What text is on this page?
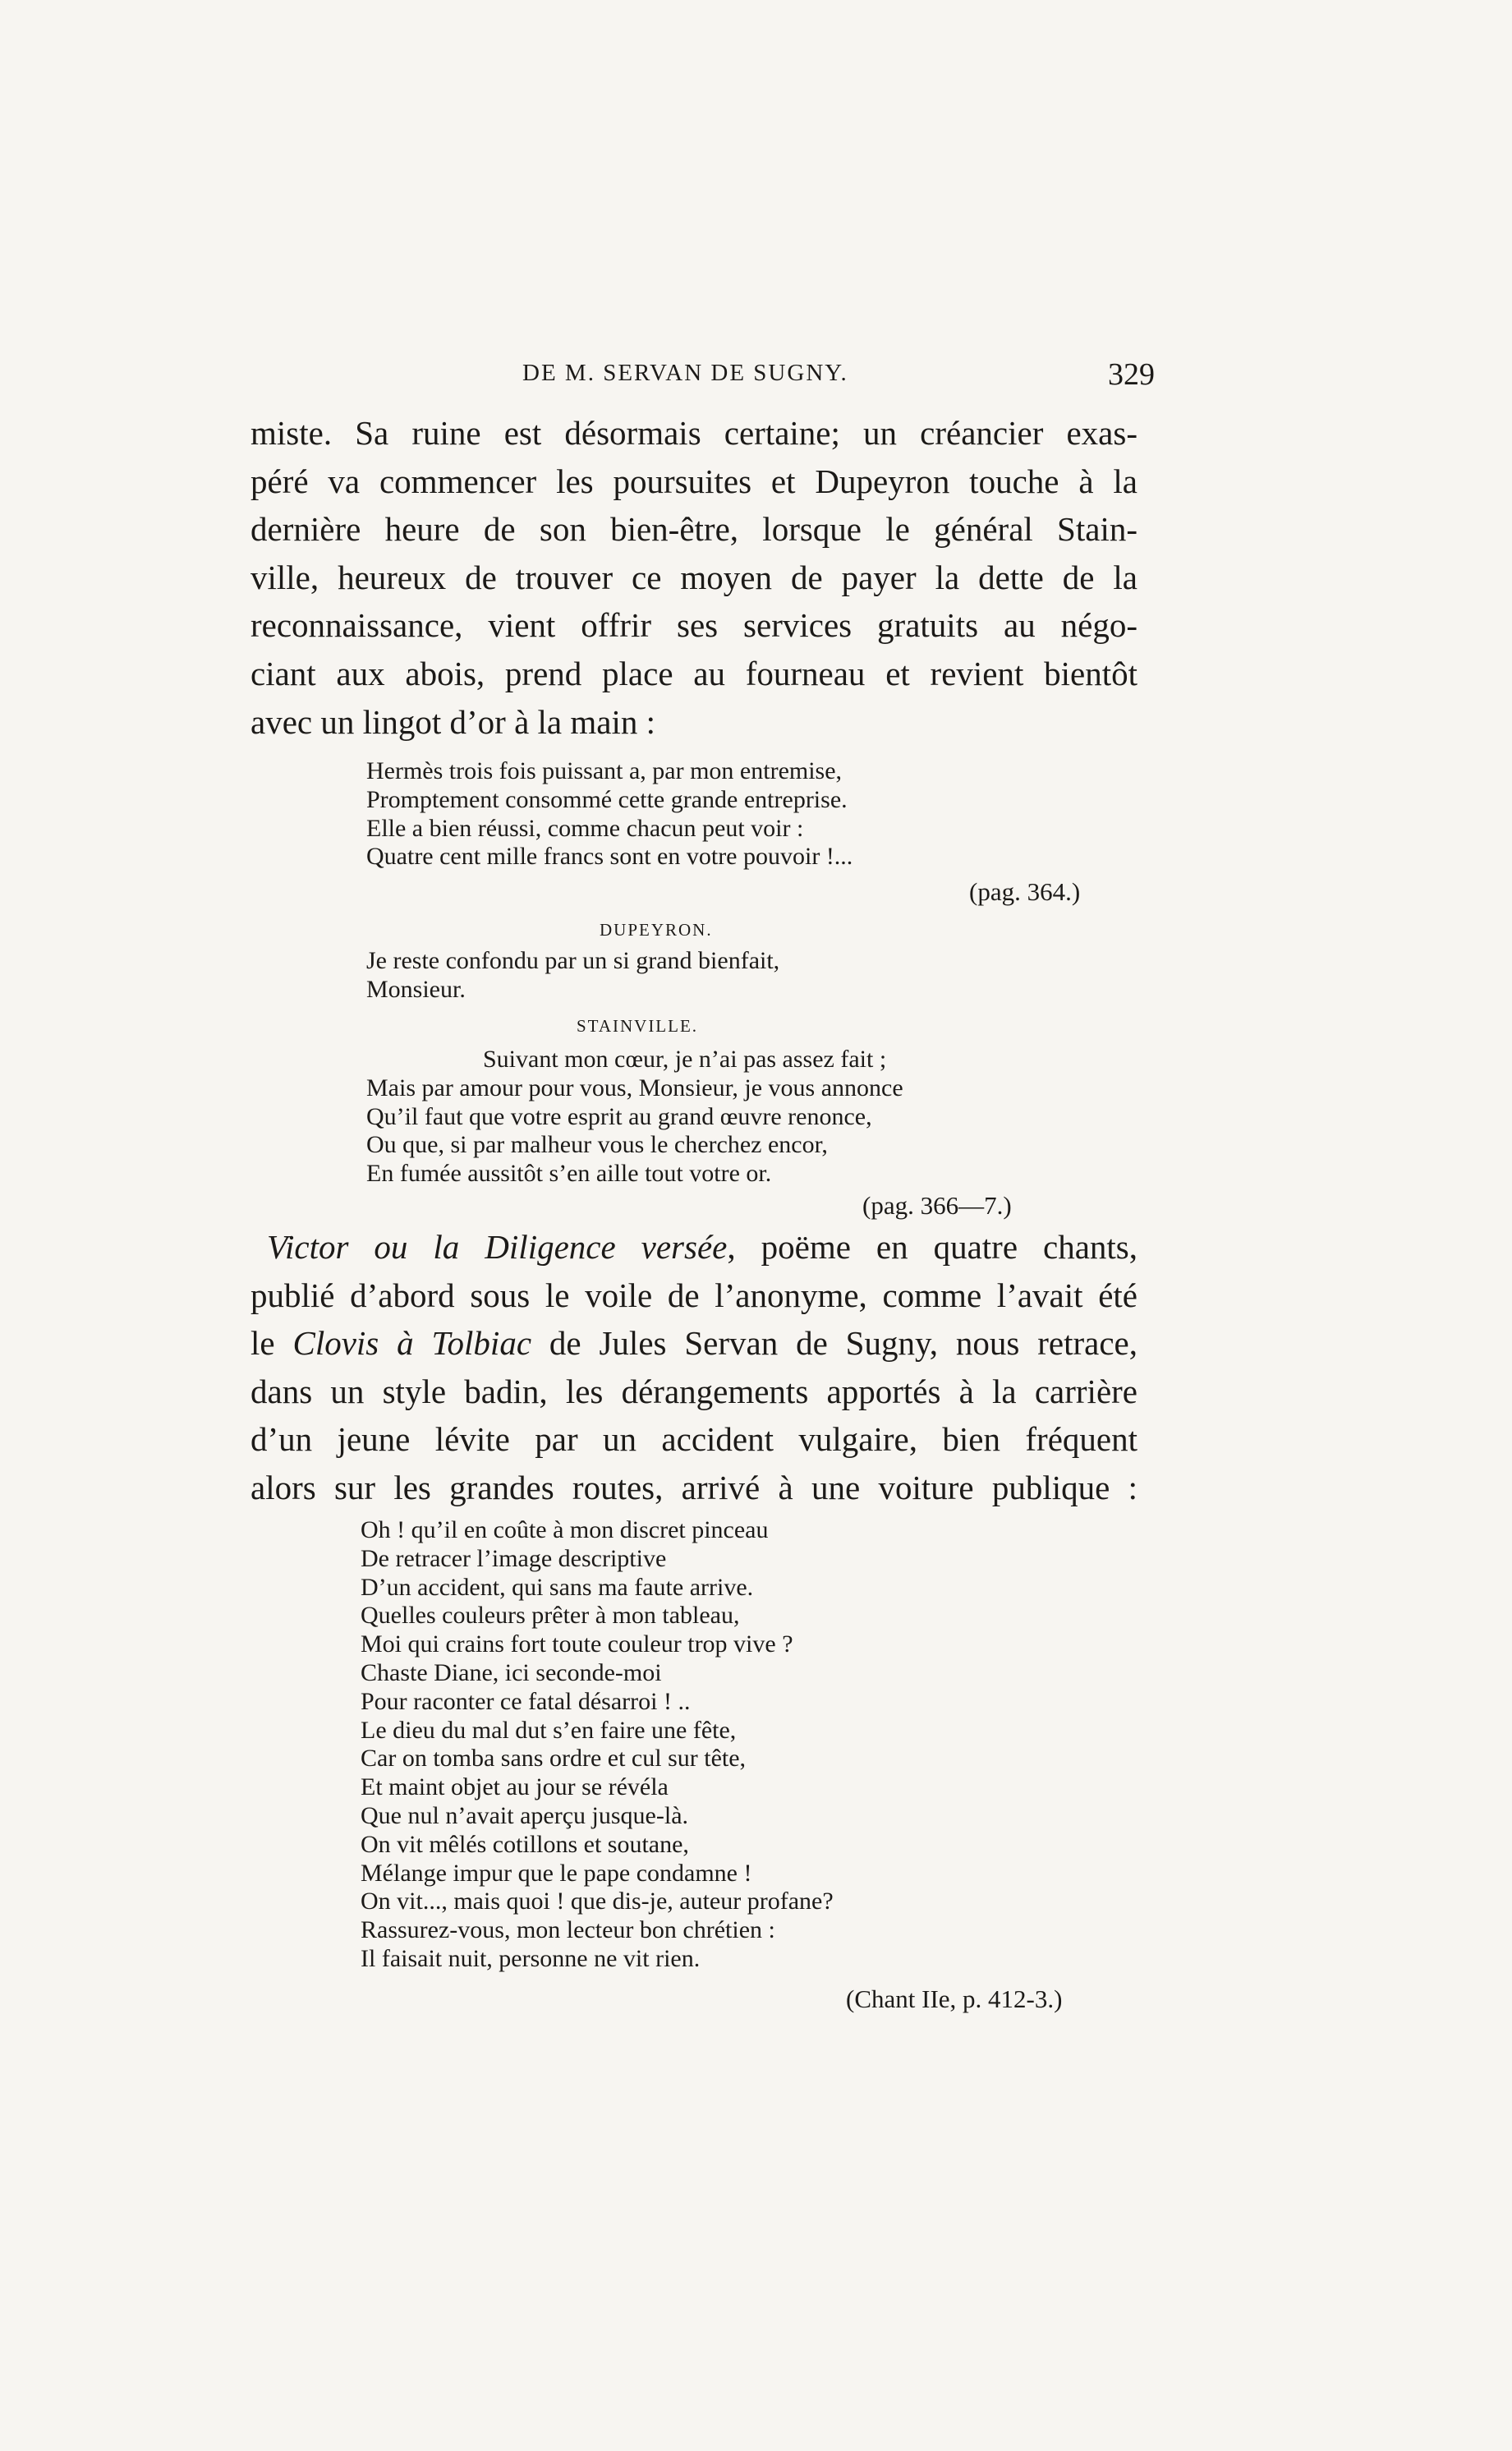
DE M. SERVAN DE SUGNY.	329
miste. Sa ruine est désormais certaine; un créancier exas-
péré va commencer les poursuites et Dupeyron touche à la
dernière heure de son bien-être, lorsque le général Stain-
ville, heureux de trouver ce moyen de payer la dette de la
reconnaissance, vient offrir ses services gratuits au négo-
ciant aux abois, prend place au fourneau et revient bientôt
avec un lingot d’or à la main :
Hermès trois fois puissant a, par mon entremise,
Promptement consommé cette grande entreprise.
Elle a bien réussi, comme chacun peut voir :
Quatre cent mille francs sont en votre pouvoir !...
(pag. 364.)
DUPEYRON.
Je reste confondu par un si grand bienfait,
Monsieur.
STAINVILLE.
Suivant mon cœur, je n’ai pas assez fait ;
Mais par amour pour vous, Monsieur, je vous annonce
Qu’il faut que votre esprit au grand œuvre renonce,
Ou que, si par malheur vous le cherchez encor,
En fumée aussitôt s’en aille tout votre or.
(pag. 366—7.)
Victor ou la Diligence versée, poëme en quatre chants,
publié d’abord sous le voile de l’anonyme, comme l’avait été
le Clovis à Tolbiac de Jules Servan de Sugny, nous retrace,
dans un style badin, les dérangements apportés à la carrière
d’un jeune lévite par un accident vulgaire, bien fréquent
alors sur les grandes routes, arrivé à une voiture publique :
Oh ! qu’il en coûte à mon discret pinceau
De retracer l’image descriptive
D’un accident, qui sans ma faute arrive.
Quelles couleurs prêter à mon tableau,
Moi qui crains fort toute couleur trop vive ?
Chaste Diane, ici seconde-moi
Pour raconter ce fatal désarroi ! ..
Le dieu du mal dut s’en faire une fête,
Car on tomba sans ordre et cul sur tête,
Et maint objet au jour se révéla
Que nul n’avait aperçu jusque-là.
On vit mêlés cotillons et soutane,
Mélange impur que le pape condamne !
On vit..., mais quoi ! que dis-je, auteur profane?
Rassurez-vous, mon lecteur bon chrétien :
Il faisait nuit, personne ne vit rien.
(Chant IIe, p. 412-3.)
